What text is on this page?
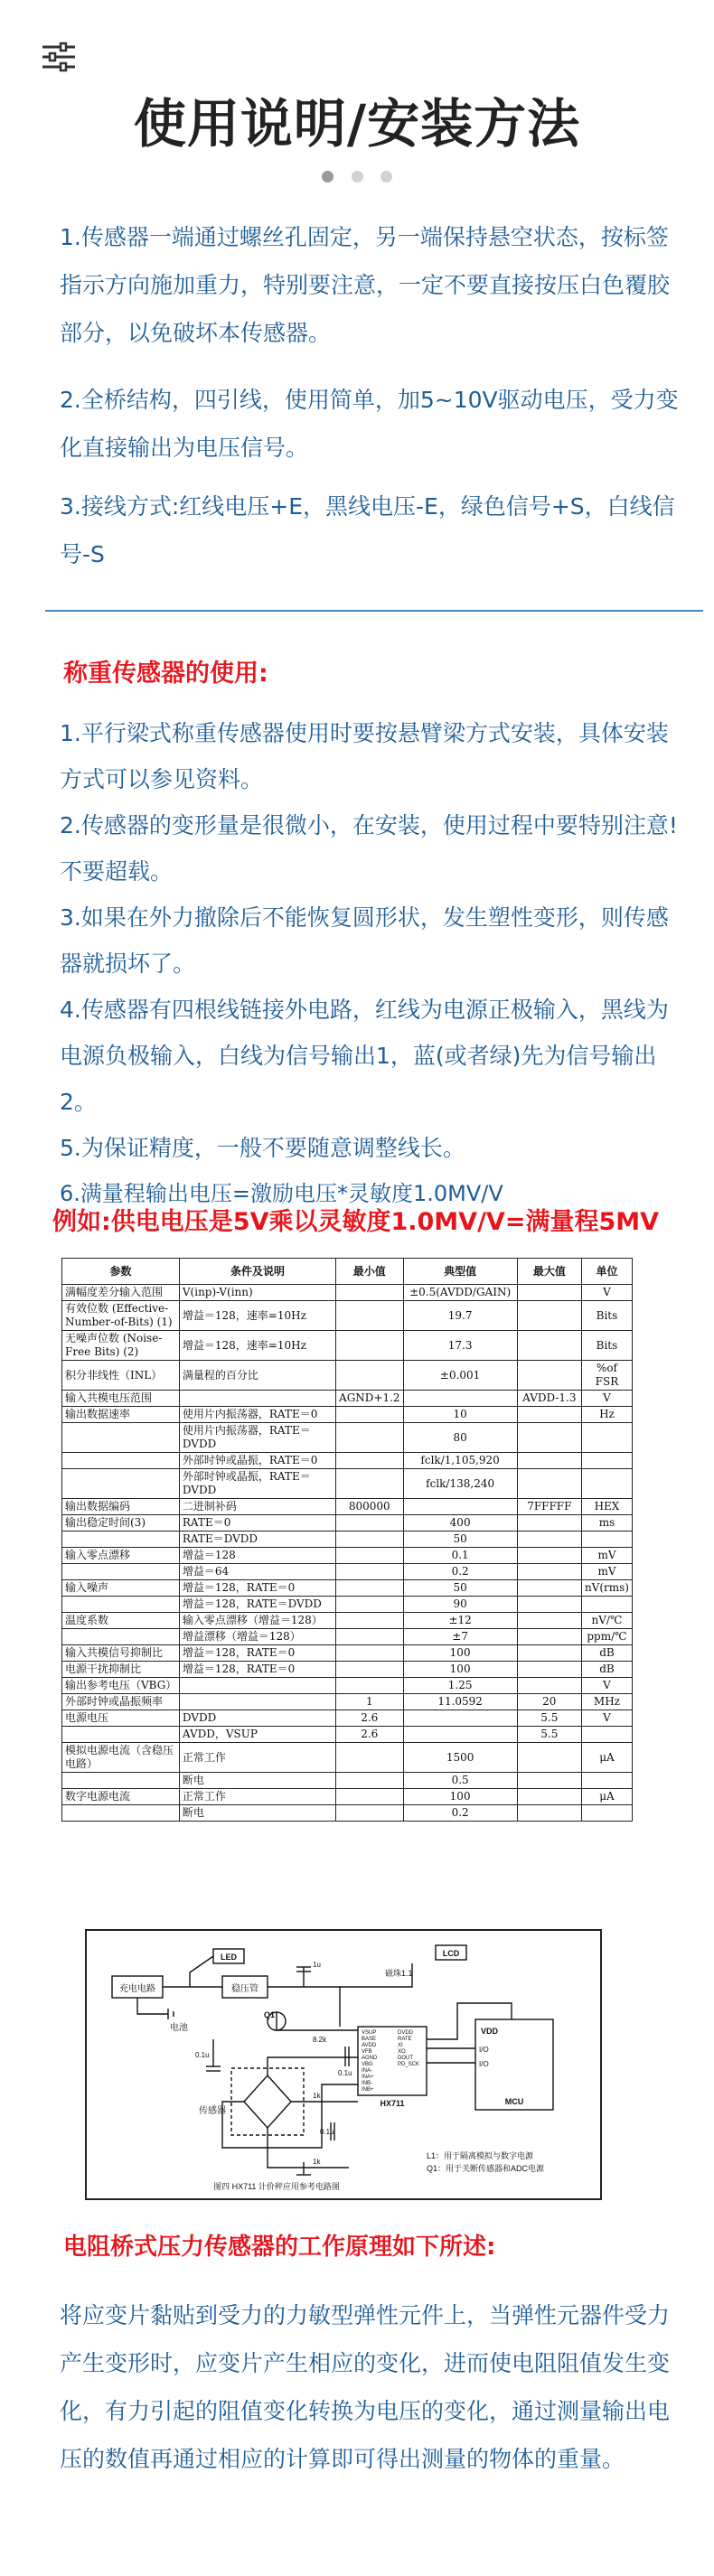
使用说明/安装方法

1.传感器一端通过螺丝孔固定，另一端保持悬空状态，按标签指示方向施加重力，特别要注意，一定不要直接按压白色覆胶部分，以免破坏本传感器。
2.全桥结构，四引线，使用简单，加5~10V驱动电压，受力变化直接输出为电压信号。
3.接线方式:红线电压+E，黑线电压-E，绿色信号+S，白线信号-S
称重传感器的使用:
1.平行梁式称重传感器使用时要按悬臂梁方式安装，具体安装方式可以参见资料。
2.传感器的变形量是很微小，在安装，使用过程中要特别注意!不要超载。
3.如果在外力撤除后不能恢复圆形状，发生塑性变形，则传感器就损坏了。
4.传感器有四根线链接外电路，红线为电源正极输入，黑线为电源负极输入，白线为信号输出1，蓝(或者绿)先为信号输出2。
5.为保证精度，一般不要随意调整线长。
6.满量程输出电压=激励电压*灵敏度1.0MV/V
例如:供电电压是5V乘以灵敏度1.0MV/V=满量程5MV
参数	条件及说明	最小值	典型值	最大值	单位
满幅度差分输入范围	V(inp)-V(inn)		±0.5(AVDD/GAIN)		V
有效位数 (Effective-Number-of-Bits) (1)	增益＝128，速率=10Hz		19.7		Bits
无噪声位数 (Noise-Free Bits) (2)	增益＝128，速率=10Hz		17.3		Bits
积分非线性（INL）	满量程的百分比		±0.001		%of FSR
输入共模电压范围		AGND+1.2		AVDD-1.3	V
输出数据速率	使用片内振荡器，RATE＝0		10		Hz
	使用片内振荡器，RATE＝DVDD		80		
	外部时钟或晶振，RATE＝0		fclk/1,105,920		
	外部时钟或晶振，RATE＝DVDD		fclk/138,240		
输出数据编码	二进制补码	800000		7FFFFF	HEX
输出稳定时间(3)	RATE＝0		400		ms
	RATE＝DVDD		50		
输入零点漂移	增益＝128		0.1		mV
	增益＝64		0.2		mV
输入噪声	增益＝128，RATE＝0		50		nV(rms)
	增益＝128，RATE＝DVDD		90		
温度系数	输入零点漂移（增益＝128）		±12		nV/℃
	增益漂移（增益＝128）		±7		ppm/℃
输入共模信号抑制比	增益＝128，RATE＝0		100		dB
电源干扰抑制比	增益＝128，RATE＝0		100		dB
输出参考电压（VBG）			1.25		V
外部时钟或晶振频率		1	11.0592	20	MHz
电源电压	DVDD	2.6		5.5	V
	AVDD，VSUP	2.6		5.5	
模拟电源电流（含稳压电路）	正常工作		1500		μA
	断电		0.5		
数字电源电流	正常工作		100		μA
	断电		0.2		
充电电路
电池
LED
稳压管
LCD
磁珠1.1
传感器
HX711	MCU
VDD
I/O
I/O
Q1
1u
0.1u
0.1u
0.1u
8.2k
1k
1k
VSUP
BASE
AVDD
VFB
AGND
VBG
INA-
INA+
INB-
INB+
DVDD
RATE
XI
XO
DOUT
PD_SCK
L1：用于隔离模拟与数字电源
Q1：用于关断传感器和ADC电源
图四 HX711 计价秤应用参考电路图
电阻桥式压力传感器的工作原理如下所述:
将应变片黏贴到受力的力敏型弹性元件上，当弹性元器件受力产生变形时，应变片产生相应的变化，进而使电阻阻值发生变化，有力引起的阻值变化转换为电压的变化，通过测量输出电压的数值再通过相应的计算即可得出测量的物体的重量。
